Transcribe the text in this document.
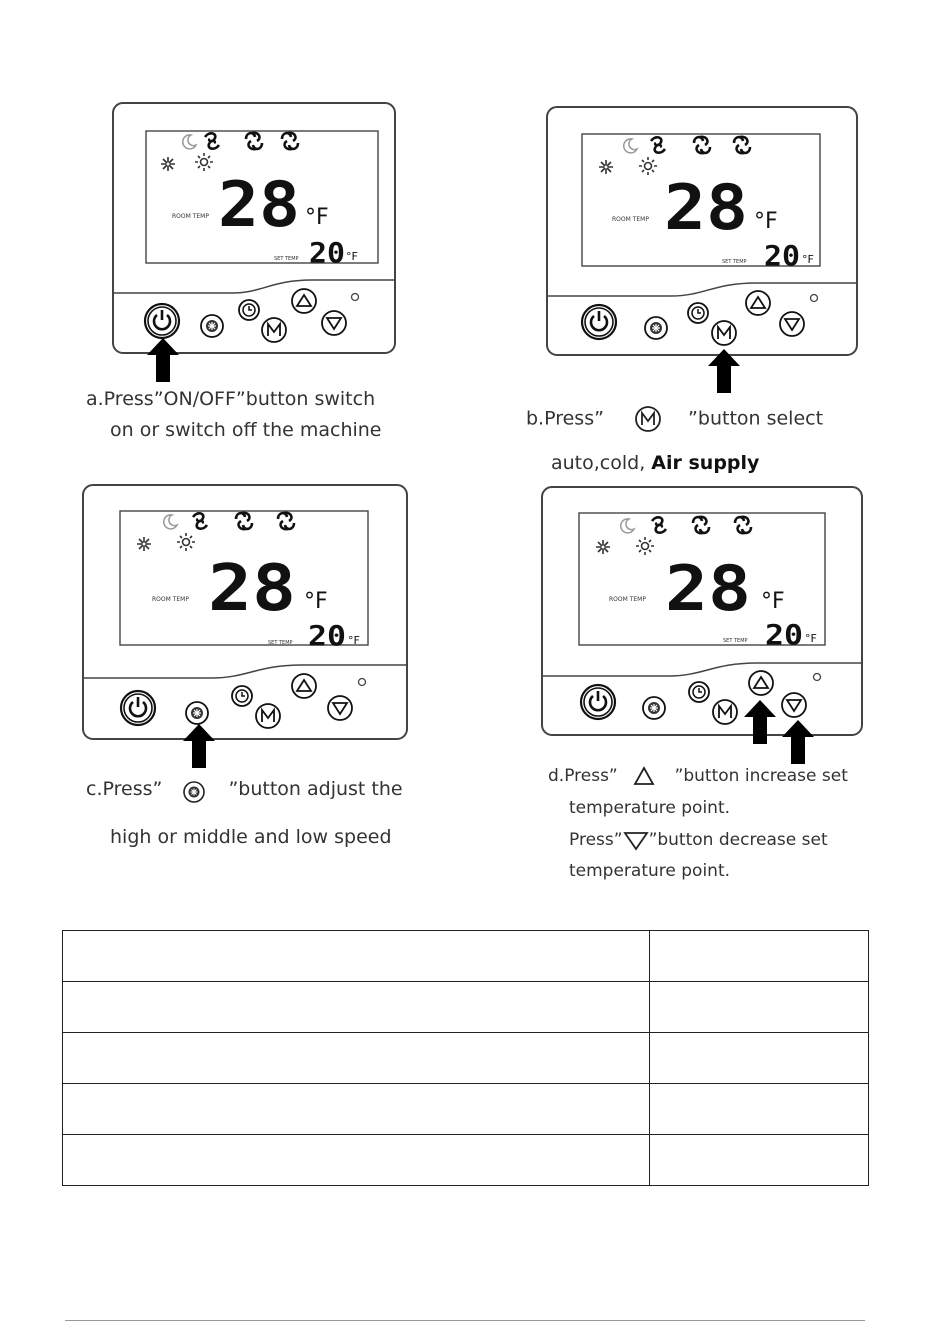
ROOM TEMP 28 °F
SET TEMP 20 °F
ROOM TEMP 28 °F
SET TEMP 20 °F
ROOM TEMP 28 °F
SET TEMP 20 °F
ROOM TEMP 28 °F
SET TEMP 20 °F
a.Press”ON/OFF”button switch
on or switch off the machine
b.Press”	”button select
auto,cold, Air supply
c.Press”	”button adjust the
high or middle and low speed
d.Press”	”button increase set
temperature point.
Press” ”button decrease set
temperature point.
